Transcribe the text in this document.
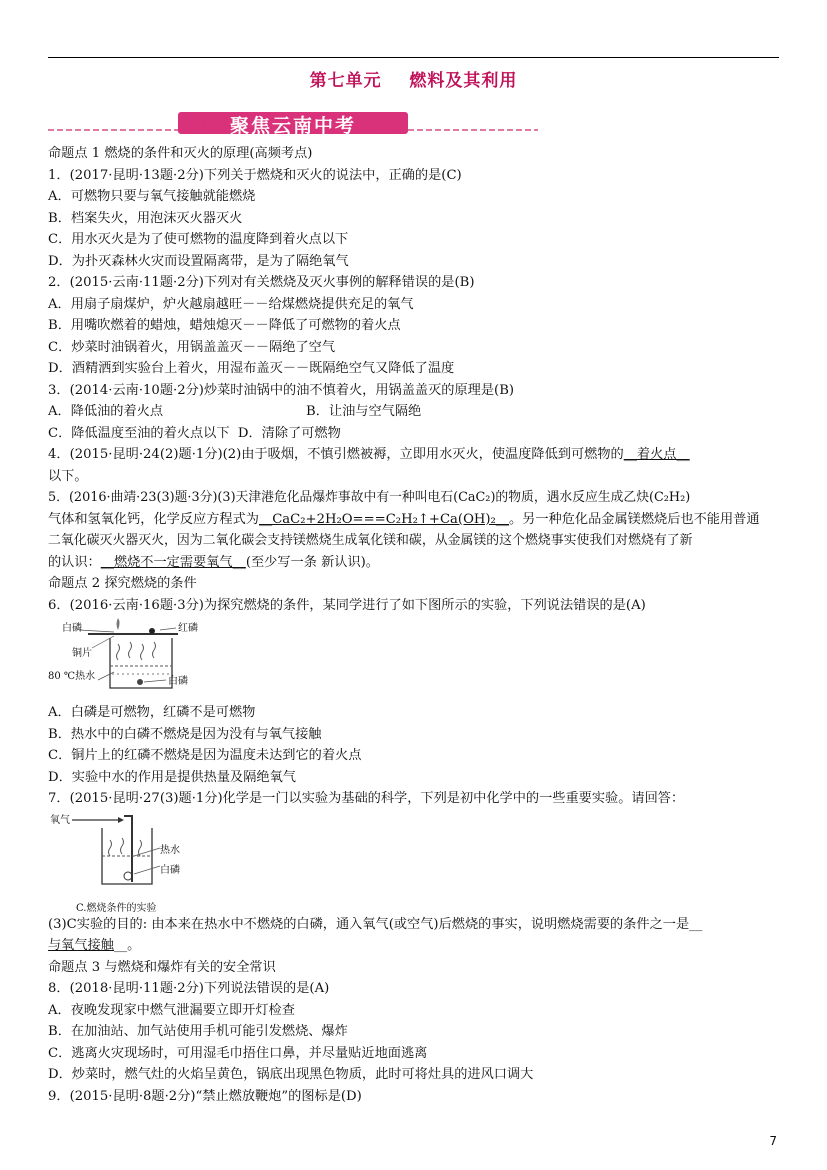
第七单元    燃料及其利用
《《	》》
聚焦云南中考
命题点 1 燃烧的条件和灭火的原理(高频考点)
1．(2017·昆明·13题·2分)下列关于燃烧和灭火的说法中，正确的是(C)
A．可燃物只要与氧气接触就能燃烧
B．档案失火，用泡沫灭火器灭火
C．用水灭火是为了使可燃物的温度降到着火点以下
D．为扑灭森林火灾而设置隔离带，是为了隔绝氧气
2．(2015·云南·11题·2分)下列对有关燃烧及灭火事例的解释错误的是(B)
A．用扇子扇煤炉，炉火越扇越旺－－给煤燃烧提供充足的氧气
B．用嘴吹燃着的蜡烛，蜡烛熄灭－－降低了可燃物的着火点
C．炒菜时油锅着火，用锅盖盖灭－－隔绝了空气
D．酒精洒到实验台上着火，用湿布盖灭－－既隔绝空气又降低了温度
3．(2014·云南·10题·2分)炒菜时油锅中的油不慎着火，用锅盖盖灭的原理是(B)
A．降低油的着火点	B．让油与空气隔绝
C．降低温度至油的着火点以下 D．清除了可燃物
4．(2015·昆明·24(2)题·1分)(2)由于吸烟，不慎引燃被褥，立即用水灭火，使温度降低到可燃物的__着火点__
以下。
5．(2016·曲靖·23(3)题·3分)(3)天津港危化品爆炸事故中有一种叫电石(CaC₂)的物质，遇水反应生成乙炔(C₂H₂)
气体和氢氧化钙，化学反应方程式为__CaC₂+2H₂O===C₂H₂↑+Ca(OH)₂__。另一种危化品金属镁燃烧后也不能用普通
二氧化碳灭火器灭火，因为二氧化碳会支持镁燃烧生成氧化镁和碳，从金属镁的这个燃烧事实使我们对燃烧有了新
的认识：__燃烧不一定需要氧气__(至少写一条 新认识)。
命题点 2 探究燃烧的条件
6．(2016·云南·16题·3分)为探究燃烧的条件，某同学进行了如下图所示的实验，下列说法错误的是(A)
白磷	红磷
铜片
80 ℃热水	白磷
A．白磷是可燃物，红磷不是可燃物
B．热水中的白磷不燃烧是因为没有与氧气接触
C．铜片上的红磷不燃烧是因为温度未达到它的着火点
D．实验中水的作用是提供热量及隔绝氧气
7．(2015·昆明·27(3)题·1分)化学是一门以实验为基础的科学，下列是初中化学中的一些重要实验。请回答：
氧气
热水
白磷
C.燃烧条件的实验
(3)C实验的目的: 由本来在热水中不燃烧的白磷，通入氧气(或空气)后燃烧的事实，说明燃烧需要的条件之一是__
与氧气接触__。
命题点 3 与燃烧和爆炸有关的安全常识
8．(2018·昆明·11题·2分)下列说法错误的是(A)
A．夜晚发现家中燃气泄漏要立即开灯检查
B．在加油站、加气站使用手机可能引发燃烧、爆炸
C．逃离火灾现场时，可用湿毛巾捂住口鼻，并尽量贴近地面逃离
D．炒菜时，燃气灶的火焰呈黄色，锅底出现黑色物质，此时可将灶具的进风口调大
9．(2015·昆明·8题·2分)“禁止燃放鞭炮”的图标是(D)
7
